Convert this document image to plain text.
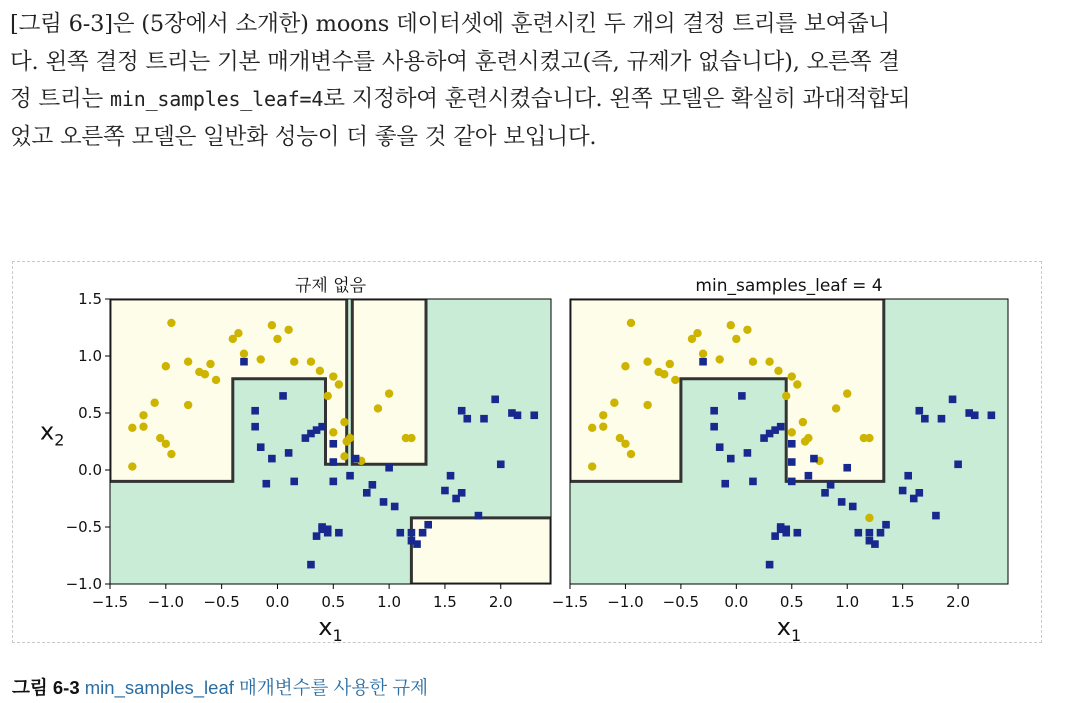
[그림 6-3]은 (5장에서 소개한) moons 데이터셋에 훈련시킨 두 개의 결정 트리를 보여줍니
다. 왼쪽 결정 트리는 기본 매개변수를 사용하여 훈련시켰고(즉, 규제가 없습니다), 오른쪽 결
정 트리는 min_samples_leaf=4로 지정하여 훈련시켰습니다. 왼쪽 모델은 확실히 과대적합되
었고 오른쪽 모델은 일반화 성능이 더 좋을 것 같아 보입니다.
−1.5 −1.0 −0.5 0.0 0.5 1.0 1.5 2.0
−1.0
−0.5
0.0
0.5
1.0
1.5
규제 없음
$x_1$
$x_2$
−1.5 −1.0 −0.5 0.0 0.5 1.0 1.5 2.0
min_samples_leaf = 4
$x_1$
그림 6-3 min_samples_leaf 매개변수를 사용한 규제
